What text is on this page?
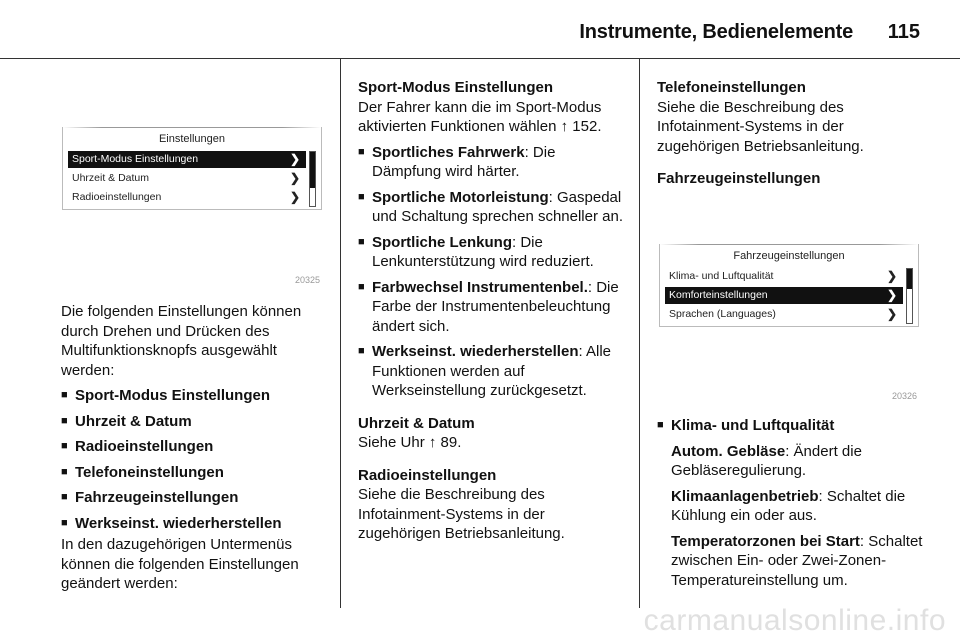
Instrumente, Bedienelemente 115
Einstellungen
Sport-Modus Einstellungen	❯
Uhrzeit & Datum	❯
Radioeinstellungen	❯
20325

Die folgenden Einstellungen können durch Drehen und Drücken des Multifunktionsknopfs ausgewählt werden:

■ Sport-Modus Einstellungen
■ Uhrzeit & Datum
■ Radioeinstellungen
■ Telefoneinstellungen
■ Fahrzeugeinstellungen
■ Werkseinst. wiederherstellen

In den dazugehörigen Untermenüs können die folgenden Einstellungen geändert werden:

Sport-Modus Einstellungen

Der Fahrer kann die im Sport-Modus aktivierten Funktionen wählen ↑ 152.

■ Sportliches Fahrwerk: Die Dämpfung wird härter.
■ Sportliche Motorleistung: Gaspedal und Schaltung sprechen schneller an.
■ Sportliche Lenkung: Die Lenkunterstützung wird reduziert.
■ Farbwechsel Instrumentenbel.: Die Farbe der Instrumentenbeleuchtung ändert sich.
■ Werkseinst. wiederherstellen: Alle Funktionen werden auf Werkseinstellung zurückgesetzt.

Uhrzeit & Datum

Siehe Uhr ↑ 89.

Radioeinstellungen

Siehe die Beschreibung des Infotainment-Systems in der zugehörigen Betriebsanleitung.

Telefoneinstellungen

Siehe die Beschreibung des Infotainment-Systems in der zugehörigen Betriebsanleitung.

Fahrzeugeinstellungen

Fahrzeugeinstellungen
Klima- und Luftqualität	❯
Komforteinstellungen	❯
Sprachen (Languages)	❯
20326
■ Klima- und Luftqualität

Autom. Gebläse: Ändert die Gebläseregulierung.

Klimaanlagenbetrieb: Schaltet die Kühlung ein oder aus.

Temperatorzonen bei Start: Schaltet zwischen Ein- oder Zwei-Zonen-Temperatureinstellung um.

carmanualsonline.info
